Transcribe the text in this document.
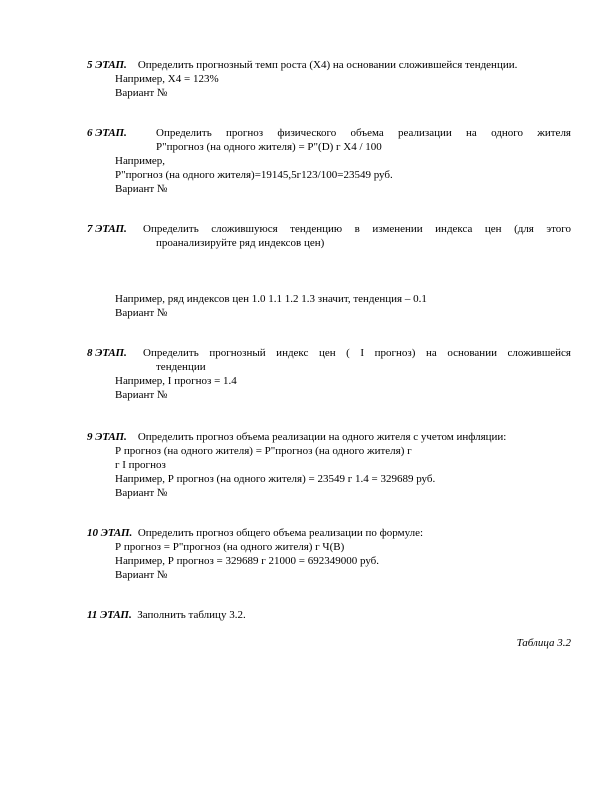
5 ЭТАП. Определить прогнозный темп роста (Х4) на основании сложившейся тенденции.
Например, Х4 = 123%
Вариант №
6 ЭТАП.	Определить прогноз физического объема реализации на одного жителя
Р"прогноз (на одного жителя) = Р"(D) г Х4 / 100
Например,
Р"прогноз (на одного жителя)=19145,5г123/100=23549 руб.
Вариант №
7 ЭТАП. Определить сложившуюся тенденцию в изменении индекса цен (для этого
проанализируйте ряд индексов цен)
Например, ряд индексов цен 1.0 1.1 1.2 1.3 значит, тенденция – 0.1
Вариант №
8 ЭТАП. Определить прогнозный индекс цен ( I прогноз) на основании сложившейся
тенденции
Например, I прогноз = 1.4
Вариант №
9 ЭТАП. Определить прогноз объема реализации на одного жителя с учетом инфляции:
Р прогноз (на одного жителя) = Р"прогноз (на одного жителя) г
г I прогноз
Например, Р прогноз (на одного жителя) = 23549 г 1.4 = 329689 руб.
Вариант №
10 ЭТАП. Определить прогноз общего объема реализации по формуле:
Р прогноз = Р"прогноз (на одного жителя) г Ч(В)
Например, Р прогноз = 329689 г 21000 = 692349000 руб.
Вариант №
11 ЭТАП. Заполнить таблицу 3.2.
Таблица 3.2
